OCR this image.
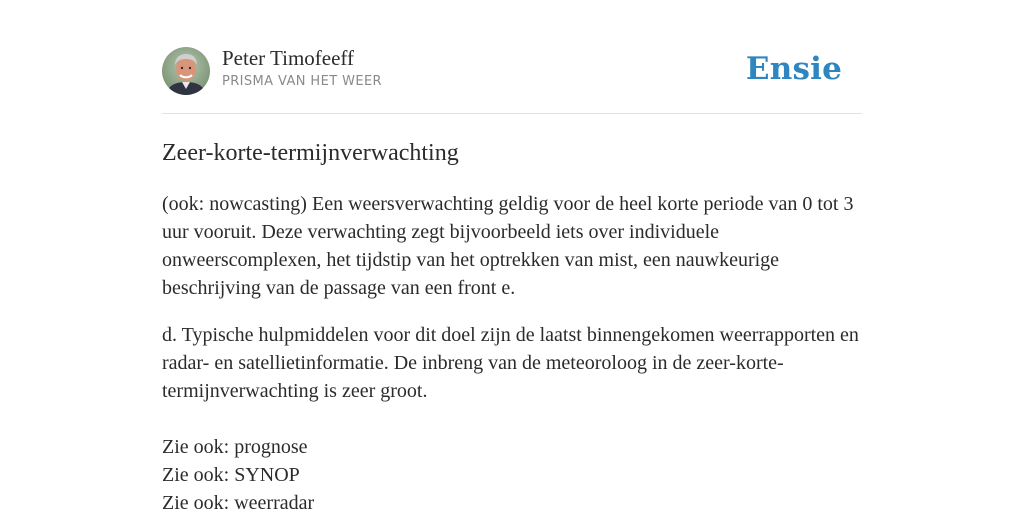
Peter Timofeeff
PRISMA VAN HET WEER	Ensie
Zeer-korte-termijnverwachting

(ook: nowcasting) Een weersverwachting geldig voor de heel korte periode van 0 tot 3 uur vooruit. Deze verwachting zegt bijvoorbeeld iets over individuele onweerscomplexen, het tijdstip van het optrekken van mist, een nauwkeurige beschrijving van de passage van een front e.

d. Typische hulpmiddelen voor dit doel zijn de laatst binnengekomen weerrapporten en radar- en satellietinformatie. De inbreng van de meteoroloog in de zeer-korte-termijnverwachting is zeer groot.

Zie ook: prognose
Zie ook: SYNOP
Zie ook: weerradar
